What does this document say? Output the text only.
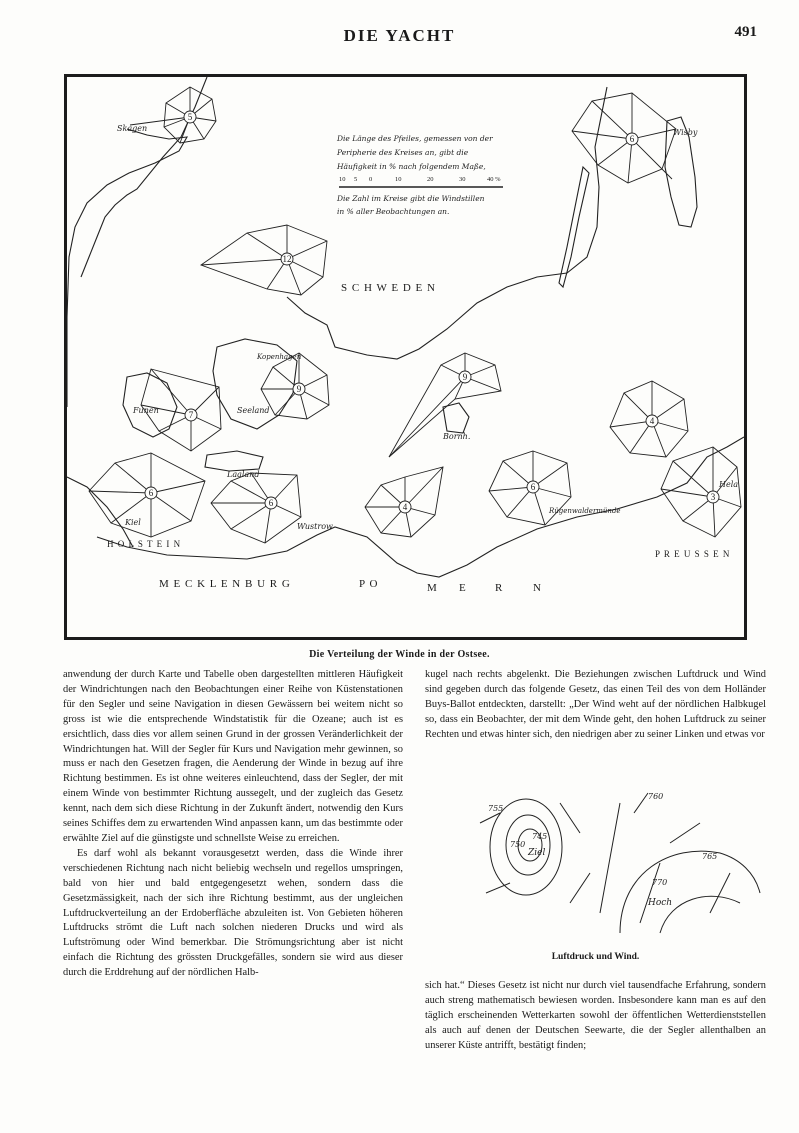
DIE YACHT	491
5
6
12
9
9
7
6
6	4
6
4
3
Die Länge des Pfeiles, gemessen von der
Peripherie des Kreises an, gibt die
Häufigkeit in % nach folgendem Maße,
Die Zahl im Kreise gibt die Windstillen
in % aller Beobachtungen an.
10 5 0	10	20	30	40 %
S C H W E D E N
M E C K L E N B U R G
H O L S T E I N
P R E U S S E N
P O	M E	R	N
Skagen	Wisby
Kopenhagen
Funen	Seeland
Bornh.
Laaland
Kiel	Wustrow
Rügenwaldermünde
Hela
Die Verteilung der Winde in der Ostsee.

anwendung der durch Karte und Tabelle oben dargestellten mittleren Häufigkeit der Windrichtungen nach den Beobachtungen einer Reihe von Küstenstationen für den Segler und seine Navigation in diesen Gewässern bei weitem nicht so gross ist wie die entsprechende Windstatistik für die Ozeane; auch ist es ersichtlich, dass dies vor allem seinen Grund in der grossen Veränderlichkeit der Windrichtungen hat. Will der Segler für Kurs und Navigation mehr gewinnen, so muss er nach den Gesetzen fragen, die Aenderung der Winde in bezug auf ihre Richtung bestimmen. Es ist ohne weiteres einleuchtend, dass der Segler, der mit einem Winde von bestimmter Richtung aussegelt, und der zugleich das Gesetz kennt, nach dem sich diese Richtung in der Zukunft ändert, notwendig den Kurs seines Schiffes dem zu erwartenden Wind anpassen kann, um das bestimmte oder erwählte Ziel auf die günstigste und schnellste Weise zu erreichen.

Es darf wohl als bekannt vorausgesetzt werden, dass die Winde ihrer verschiedenen Richtung nach nicht beliebig wechseln und regellos umspringen, bald von hier und bald entgegengesetzt wehen, sondern dass die Gesetzmässigkeit, nach der sich ihre Richtung bestimmt, aus der ungleichen Luftdruckverteilung an der Erdoberfläche abzuleiten ist. Von Gebieten höheren Luftdrucks strömt die Luft nach solchen niederen Drucks und wird als Luftströmung oder Wind bemerkbar. Die Strömungsrichtung aber ist nicht einfach die Richtung des grössten Druckgefälles, sondern sie wird aus dieser durch die Erddrehung auf der nördlichen Halb-

kugel nach rechts abgelenkt. Die Beziehungen zwischen Luftdruck und Wind sind gegeben durch das folgende Gesetz, das einen Teil des von dem Holländer Buys-Ballot entdeckten, darstellt: „Der Wind weht auf der nördlichen Halbkugel so, dass ein Beobachter, der mit dem Winde geht, den hohen Luftdruck zu seiner Rechten und etwas hinter sich, den niedrigen aber zu seiner Linken und etwas vor

755
760
745
750
Ziel	765
770
Hoch
Luftdruck und Wind.

sich hat.“ Dieses Gesetz ist nicht nur durch viel tausendfache Erfahrung, sondern auch streng mathematisch bewiesen worden. Insbesondere kann man es auf den täglich erscheinenden Wetterkarten sowohl der öffentlichen Wetterdienststellen als auch auf denen der Deutschen Seewarte, die der Segler allenthalben an unserer Küste antrifft, bestätigt finden;
